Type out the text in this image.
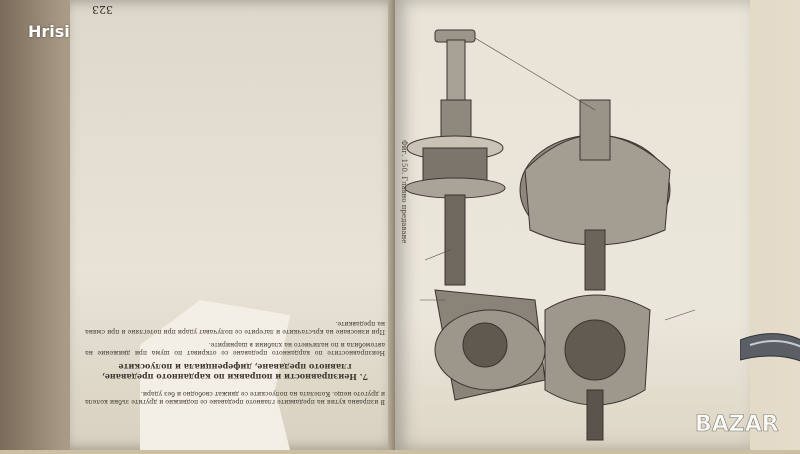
Фиг. 150. Главно предаване

В изправна кутия на предавките главното предаване се подвижно и другите зъбни колела и другото нещо. Колелата на полуоските се движат свободно и без удари.

7. Неизправности и поправки по карданното предаване, главното предаване, диференциала и полуоските

Неизправностите по карданното предаване се откриват по шума при движение на автомобила и по наличието на хлабини в шарнирите.

При износване на кръстачките и лагерите се получават удари при потегляне и при смяна на предавките.

323
Hrisi
BAZAR
